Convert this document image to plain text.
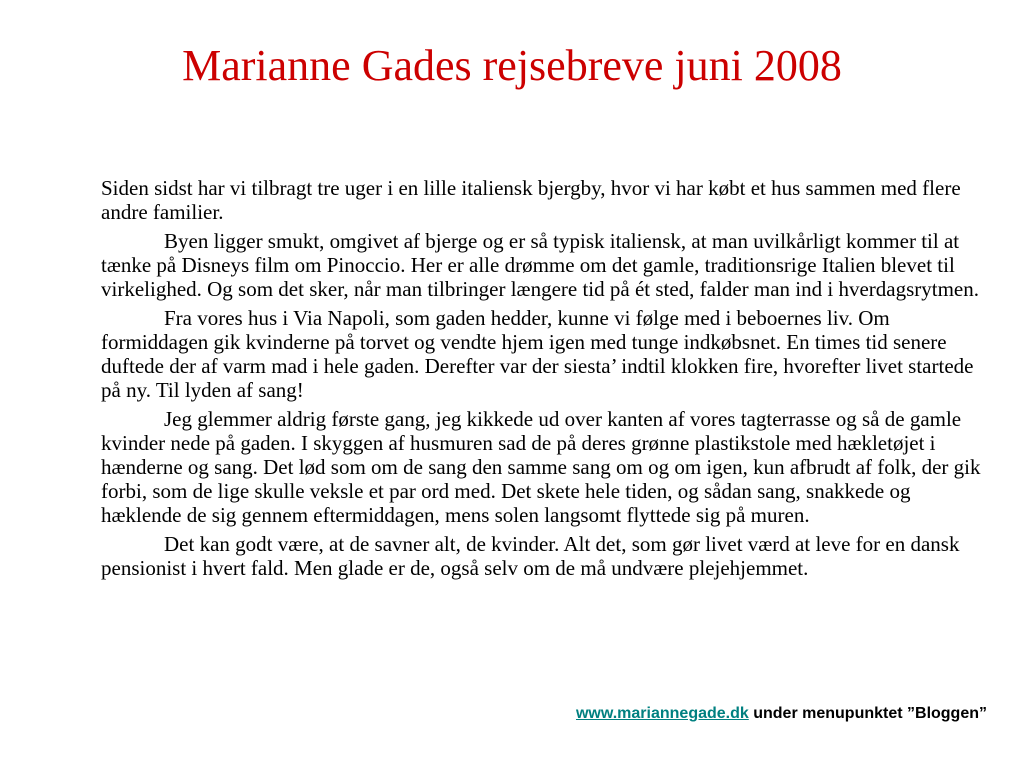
Marianne Gades rejsebreve juni 2008

Siden sidst har vi tilbragt tre uger i en lille italiensk bjergby, hvor vi har købt et hus sammen med flere andre familier.

Byen ligger smukt, omgivet af bjerge og er så typisk italiensk, at man uvilkårligt kommer til at tænke på Disneys film om Pinoccio. Her er alle drømme om det gamle, traditionsrige Italien blevet til virkelighed. Og som det sker, når man tilbringer længere tid på ét sted, falder man ind i hverdagsrytmen.

Fra vores hus i Via Napoli, som gaden hedder, kunne vi følge med i beboernes liv. Om formiddagen gik kvinderne på torvet og vendte hjem igen med tunge indkøbsnet. En times tid senere duftede der af varm mad i hele gaden. Derefter var der siesta’ indtil klokken fire, hvorefter livet startede på ny. Til lyden af sang!

Jeg glemmer aldrig første gang, jeg kikkede ud over kanten af vores tagterrasse og så de gamle kvinder nede på gaden. I skyggen af husmuren sad de på deres grønne plastikstole med hækletøjet i hænderne og sang. Det lød som om de sang den samme sang om og om igen, kun afbrudt af folk, der gik forbi, som de lige skulle veksle et par ord med. Det skete hele tiden, og sådan sang, snakkede og hæklende de sig gennem eftermiddagen, mens solen langsomt flyttede sig på muren.

Det kan godt være, at de savner alt, de kvinder. Alt det, som gør livet værd at leve for en dansk pensionist i hvert fald. Men glade er de, også selv om de må undvære plejehjemmet.

www.mariannegade.dk under menupunktet ”Bloggen”
